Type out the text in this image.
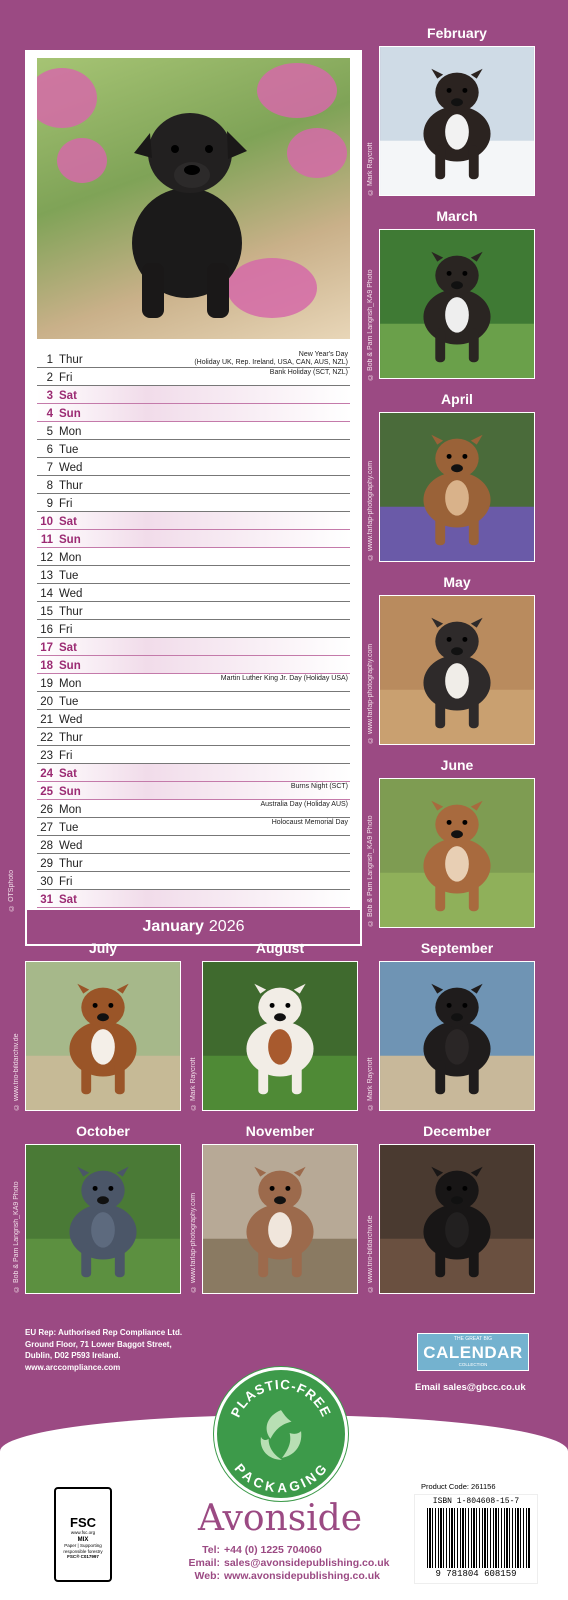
1 Thur	New Year's Day
(Holiday UK, Rep. Ireland, USA, CAN, AUS, NZL)
2 Fri	Bank Holiday (SCT, NZL)
3 Sat
4 Sun
5 Mon
6 Tue
7 Wed
8 Thur
9 Fri
10 Sat
11 Sun
12 Mon
13 Tue
14 Wed
15 Thur
16 Fri
17 Sat
18 Sun
19 Mon	Martin Luther King Jr. Day (Holiday USA)
20 Tue
21 Wed
22 Thur
23 Fri
24 Sat
25 Sun	Burns Night (SCT)
26 Mon	Australia Day (Holiday AUS)
27 Tue	Holocaust Memorial Day
28 Wed
29 Thur
30 Fri
31 Sat
January 2026
© OTSphoto
February
© Mark Raycroft
March
© Bob & Pam Langrish_KA9 Photo
April
© www.farlap-photography.com
May
© www.farlap-photography.com
June
© Bob & Pam Langrish_KA9 Photo
July
© www.trio-bildarchiv.de
August
© Mark Raycroft
September
© Mark Raycroft
October
© Bob & Pam Langrish_KA9 Photo
November
© www.farlap-photography.com
December
© www.trio-bildarchiv.de
EU Rep: Authorised Rep Compliance Ltd.
Ground Floor, 71 Lower Baggot Street,
Dublin, D02 P593 Ireland.
www.arccompliance.com
THE GREAT BIG
CALENDAR
COLLECTION
Email sales@gbcc.co.uk
PLASTIC-FREE
PACKAGING
FSC
www.fsc.org
MIX
Paper | Supporting responsible forestry
FSC® C017997
Avonside
Tel: +44 (0) 1225 704060
Email: sales@avonsidepublishing.co.uk
Web: www.avonsidepublishing.co.uk
Product Code: 261156
ISBN 1-804608-15-7
9 781804 608159
